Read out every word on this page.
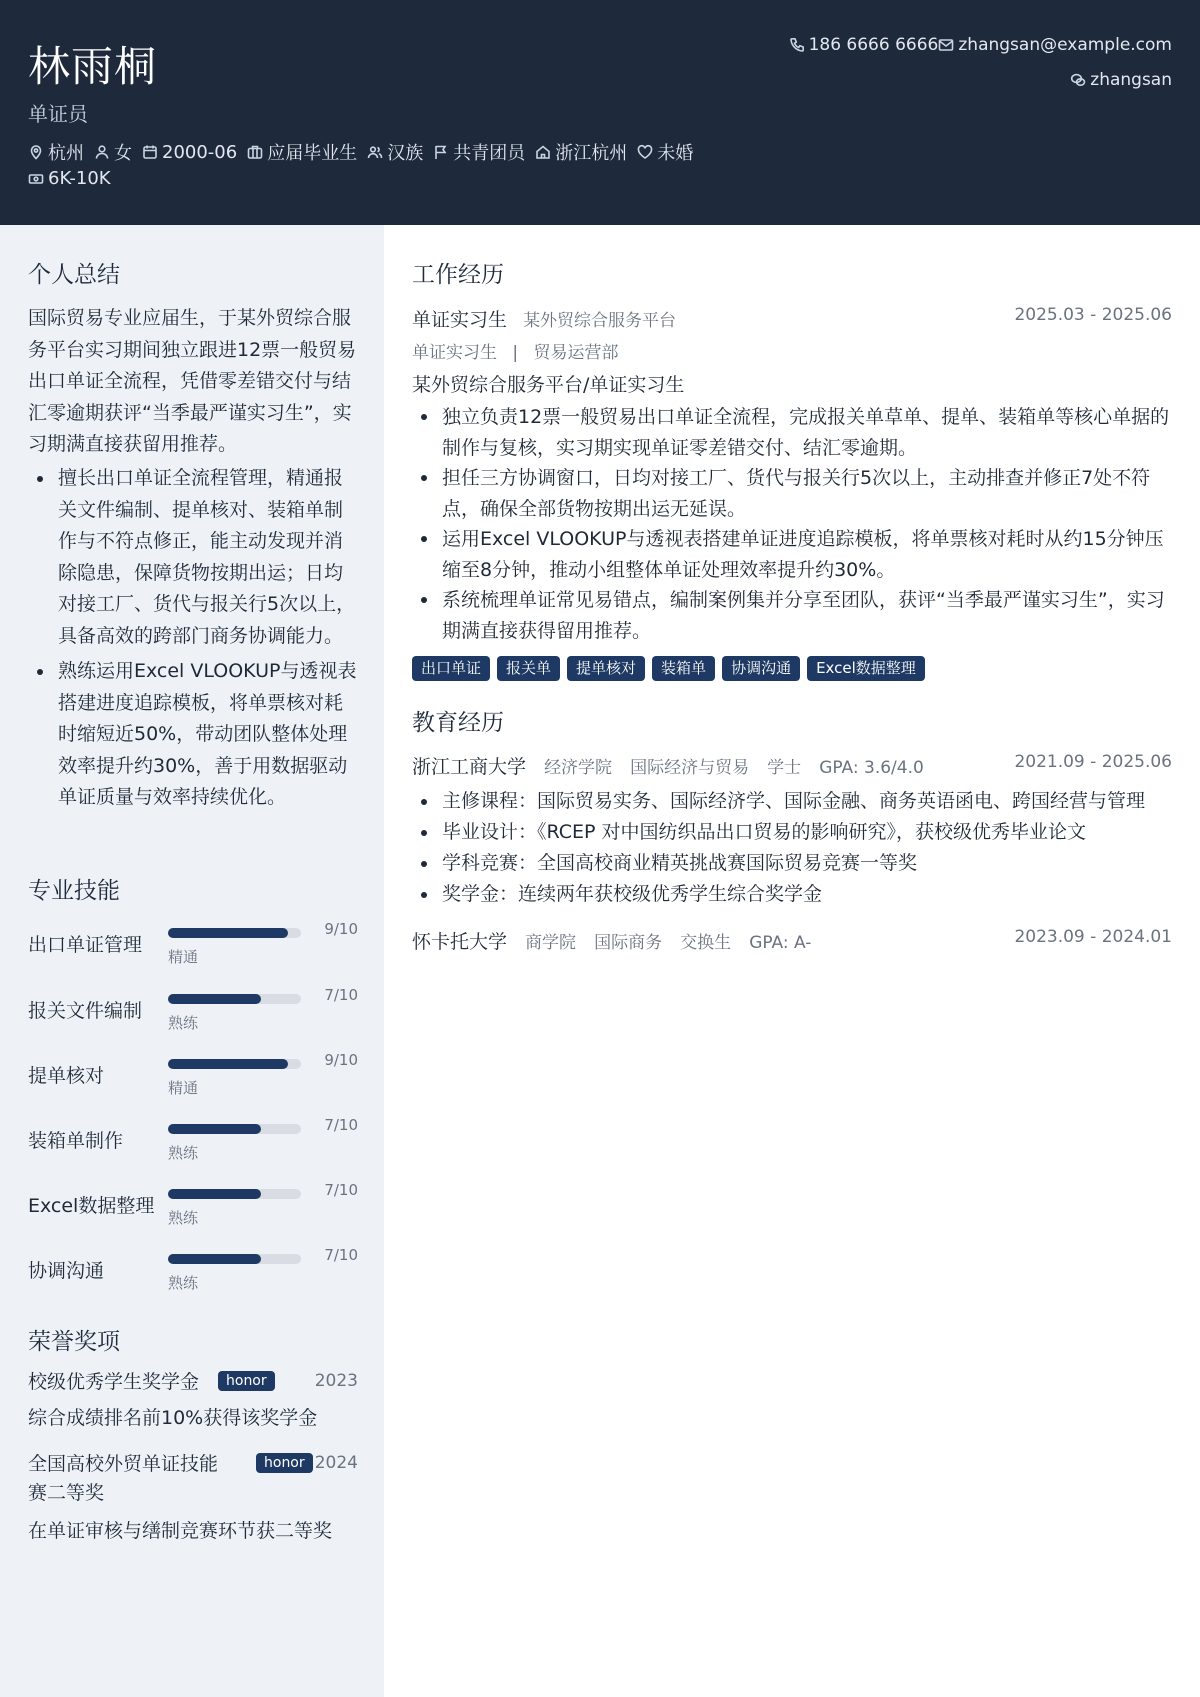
林雨桐
单证员
杭州 女 2000-06 应届毕业生 汉族 共青团员 浙江杭州 未婚
6K-10K
186 6666 6666 zhangsan@example.com
zhangsan
个人总结
国际贸易专业应届生，于某外贸综合服务平台实习期间独立跟进12票一般贸易出口单证全流程，凭借零差错交付与结汇零逾期获评“当季最严谨实习生”，实习期满直接获留用推荐。
擅长出口单证全流程管理，精通报关文件编制、提单核对、装箱单制作与不符点修正，能主动发现并消除隐患，保障货物按期出运；日均对接工厂、货代与报关行5次以上，具备高效的跨部门商务协调能力。
熟练运用Excel VLOOKUP与透视表搭建进度追踪模板，将单票核对耗时缩短近50%，带动团队整体处理效率提升约30%，善于用数据驱动单证质量与效率持续优化。
专业技能
出口单证管理
9/10
精通
报关文件编制
7/10
熟练
提单核对
9/10
精通
装箱单制作
7/10
熟练
Excel数据整理
7/10
熟练
协调沟通
7/10
熟练
荣誉奖项
校级优秀学生奖学金	honor	2023
综合成绩排名前10%获得该奖学金
全国高校外贸单证技能赛二等奖
honor 2024
在单证审核与缮制竞赛环节获二等奖
工作经历
单证实习生 某外贸综合服务平台	2025.03 - 2025.06
单证实习生 | 贸易运营部
某外贸综合服务平台/单证实习生
独立负责12票一般贸易出口单证全流程，完成报关单草单、提单、装箱单等核心单据的制作与复核，实习期实现单证零差错交付、结汇零逾期。
担任三方协调窗口，日均对接工厂、货代与报关行5次以上，主动排查并修正7处不符点，确保全部货物按期出运无延误。
运用Excel VLOOKUP与透视表搭建单证进度追踪模板，将单票核对耗时从约15分钟压缩至8分钟，推动小组整体单证处理效率提升约30%。
系统梳理单证常见易错点，编制案例集并分享至团队，获评“当季最严谨实习生”，实习期满直接获得留用推荐。
出口单证	报关单	提单核对	装箱单	协调沟通	Excel数据整理
教育经历
浙江工商大学 经济学院 国际经济与贸易 学士 GPA: 3.6/4.0	2021.09 - 2025.06
主修课程：国际贸易实务、国际经济学、国际金融、商务英语函电、跨国经营与管理
毕业设计：《RCEP 对中国纺织品出口贸易的影响研究》，获校级优秀毕业论文
学科竞赛：全国高校商业精英挑战赛国际贸易竞赛一等奖
奖学金：连续两年获校级优秀学生综合奖学金
怀卡托大学 商学院 国际商务 交换生 GPA: A-	2023.09 - 2024.01
